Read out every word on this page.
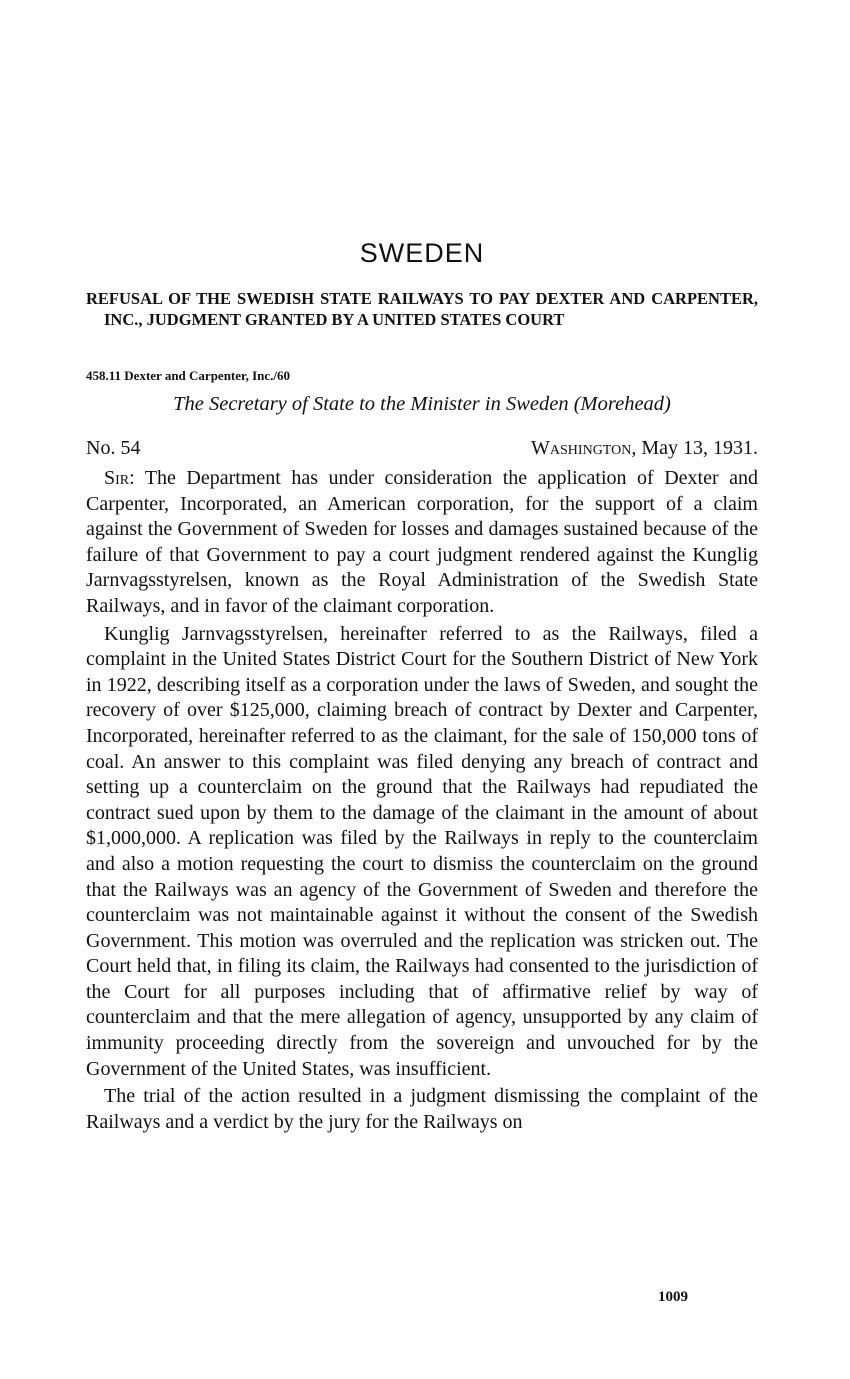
SWEDEN
REFUSAL OF THE SWEDISH STATE RAILWAYS TO PAY DEXTER AND CARPENTER, INC., JUDGMENT GRANTED BY A UNITED STATES COURT
458.11 Dexter and Carpenter, Inc./60
The Secretary of State to the Minister in Sweden (Morehead)
No. 54	Washington, May 13, 1931.

Sir: The Department has under consideration the application of Dexter and Carpenter, Incorporated, an American corporation, for the support of a claim against the Government of Sweden for losses and damages sustained because of the failure of that Government to pay a court judgment rendered against the Kunglig Jarnvagsstyrelsen, known as the Royal Administration of the Swedish State Railways, and in favor of the claimant corporation.

Kunglig Jarnvagsstyrelsen, hereinafter referred to as the Railways, filed a complaint in the United States District Court for the Southern District of New York in 1922, describing itself as a corporation under the laws of Sweden, and sought the recovery of over $125,000, claiming breach of contract by Dexter and Carpenter, Incorporated, hereinafter referred to as the claimant, for the sale of 150,000 tons of coal. An answer to this complaint was filed denying any breach of contract and setting up a counterclaim on the ground that the Railways had repudiated the contract sued upon by them to the damage of the claimant in the amount of about $1,000,000. A replication was filed by the Railways in reply to the counterclaim and also a motion requesting the court to dismiss the counterclaim on the ground that the Railways was an agency of the Government of Sweden and therefore the counterclaim was not maintainable against it without the consent of the Swedish Government. This motion was overruled and the replication was stricken out. The Court held that, in filing its claim, the Railways had consented to the jurisdiction of the Court for all purposes including that of affirmative relief by way of counterclaim and that the mere allegation of agency, unsupported by any claim of immunity proceeding directly from the sovereign and unvouched for by the Government of the United States, was insufficient.

The trial of the action resulted in a judgment dismissing the complaint of the Railways and a verdict by the jury for the Railways on

1009
